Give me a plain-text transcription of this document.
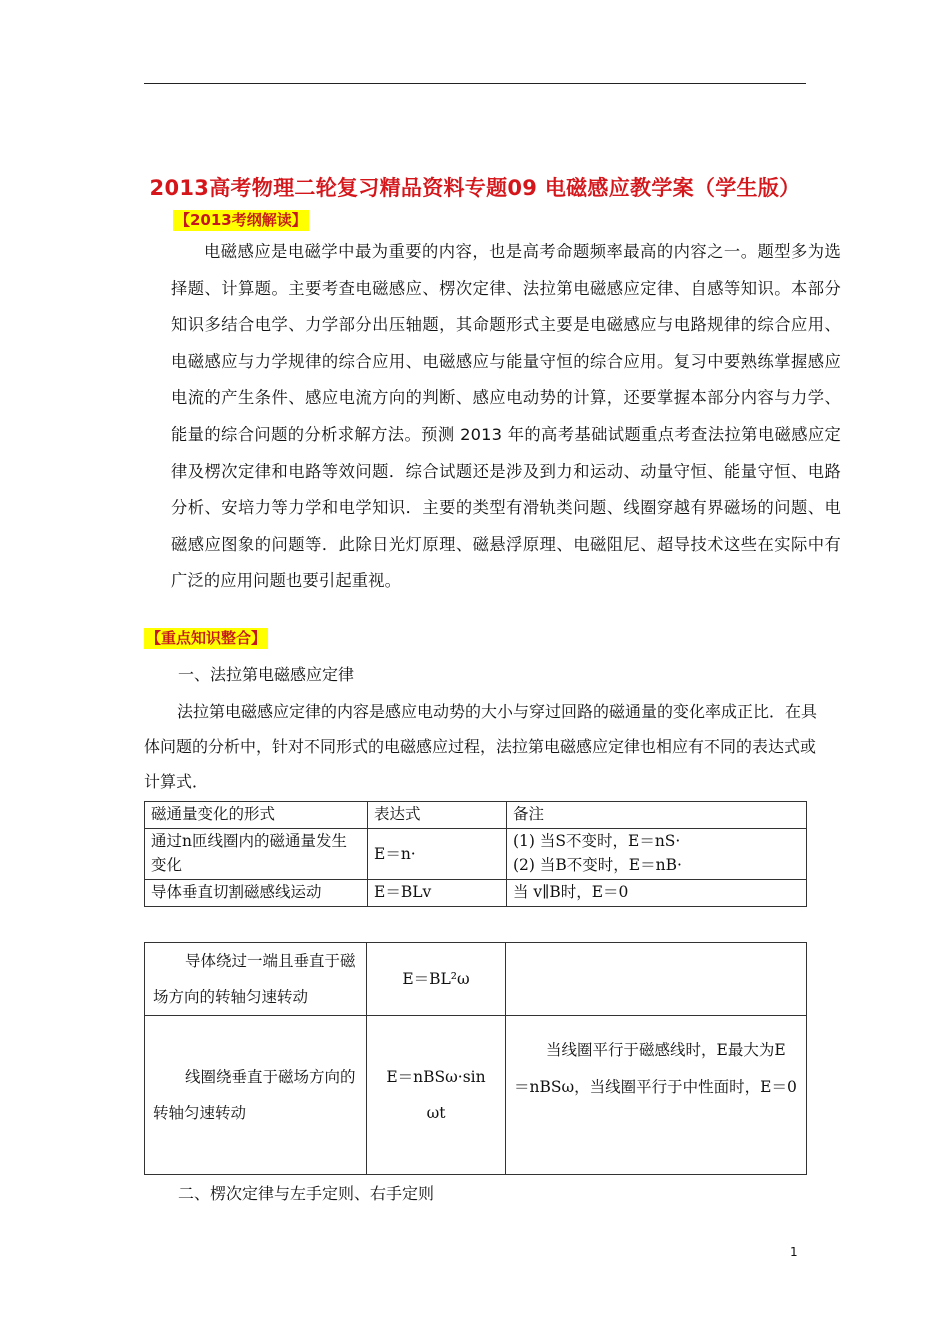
2013高考物理二轮复习精品资料专题09 电磁感应教学案（学生版）
【2013考纲解读】

电磁感应是电磁学中最为重要的内容，也是高考命题频率最高的内容之一。题型多为选择题、计算题。主要考查电磁感应、楞次定律、法拉第电磁感应定律、自感等知识。本部分知识多结合电学、力学部分出压轴题，其命题形式主要是电磁感应与电路规律的综合应用、电磁感应与力学规律的综合应用、电磁感应与能量守恒的综合应用。复习中要熟练掌握感应电流的产生条件、感应电流方向的判断、感应电动势的计算，还要掌握本部分内容与力学、能量的综合问题的分析求解方法。预测 2013 年的高考基础试题重点考查法拉第电磁感应定律及楞次定律和电路等效问题．综合试题还是涉及到力和运动、动量守恒、能量守恒、电路分析、安培力等力学和电学知识．主要的类型有滑轨类问题、线圈穿越有界磁场的问题、电磁感应图象的问题等．此除日光灯原理、磁悬浮原理、电磁阻尼、超导技术这些在实际中有广泛的应用问题也要引起重视。

【重点知识整合】
一、法拉第电磁感应定律

法拉第电磁感应定律的内容是感应电动势的大小与穿过回路的磁通量的变化率成正比．在具体问题的分析中，针对不同形式的电磁感应过程，法拉第电磁感应定律也相应有不同的表达式或计算式．

磁通量变化的形式	表达式	备注
通过n匝线圈内的磁通量发生变化	E＝n·	(1) 当S不变时，E＝nS·
(2) 当B不变时，E＝nB·

导体垂直切割磁感线运动	E＝BLv	当 v∥B时，E＝0
导体绕过一端且垂直于磁场方向的转轴匀速转动	E＝BL²ω	
线圈绕垂直于磁场方向的转轴匀速转动	E＝nBSω·sin ωt	当线圈平行于磁感线时，E最大为E＝nBSω，当线圈平行于中性面时，E＝0
二、楞次定律与左手定则、右手定则
1
